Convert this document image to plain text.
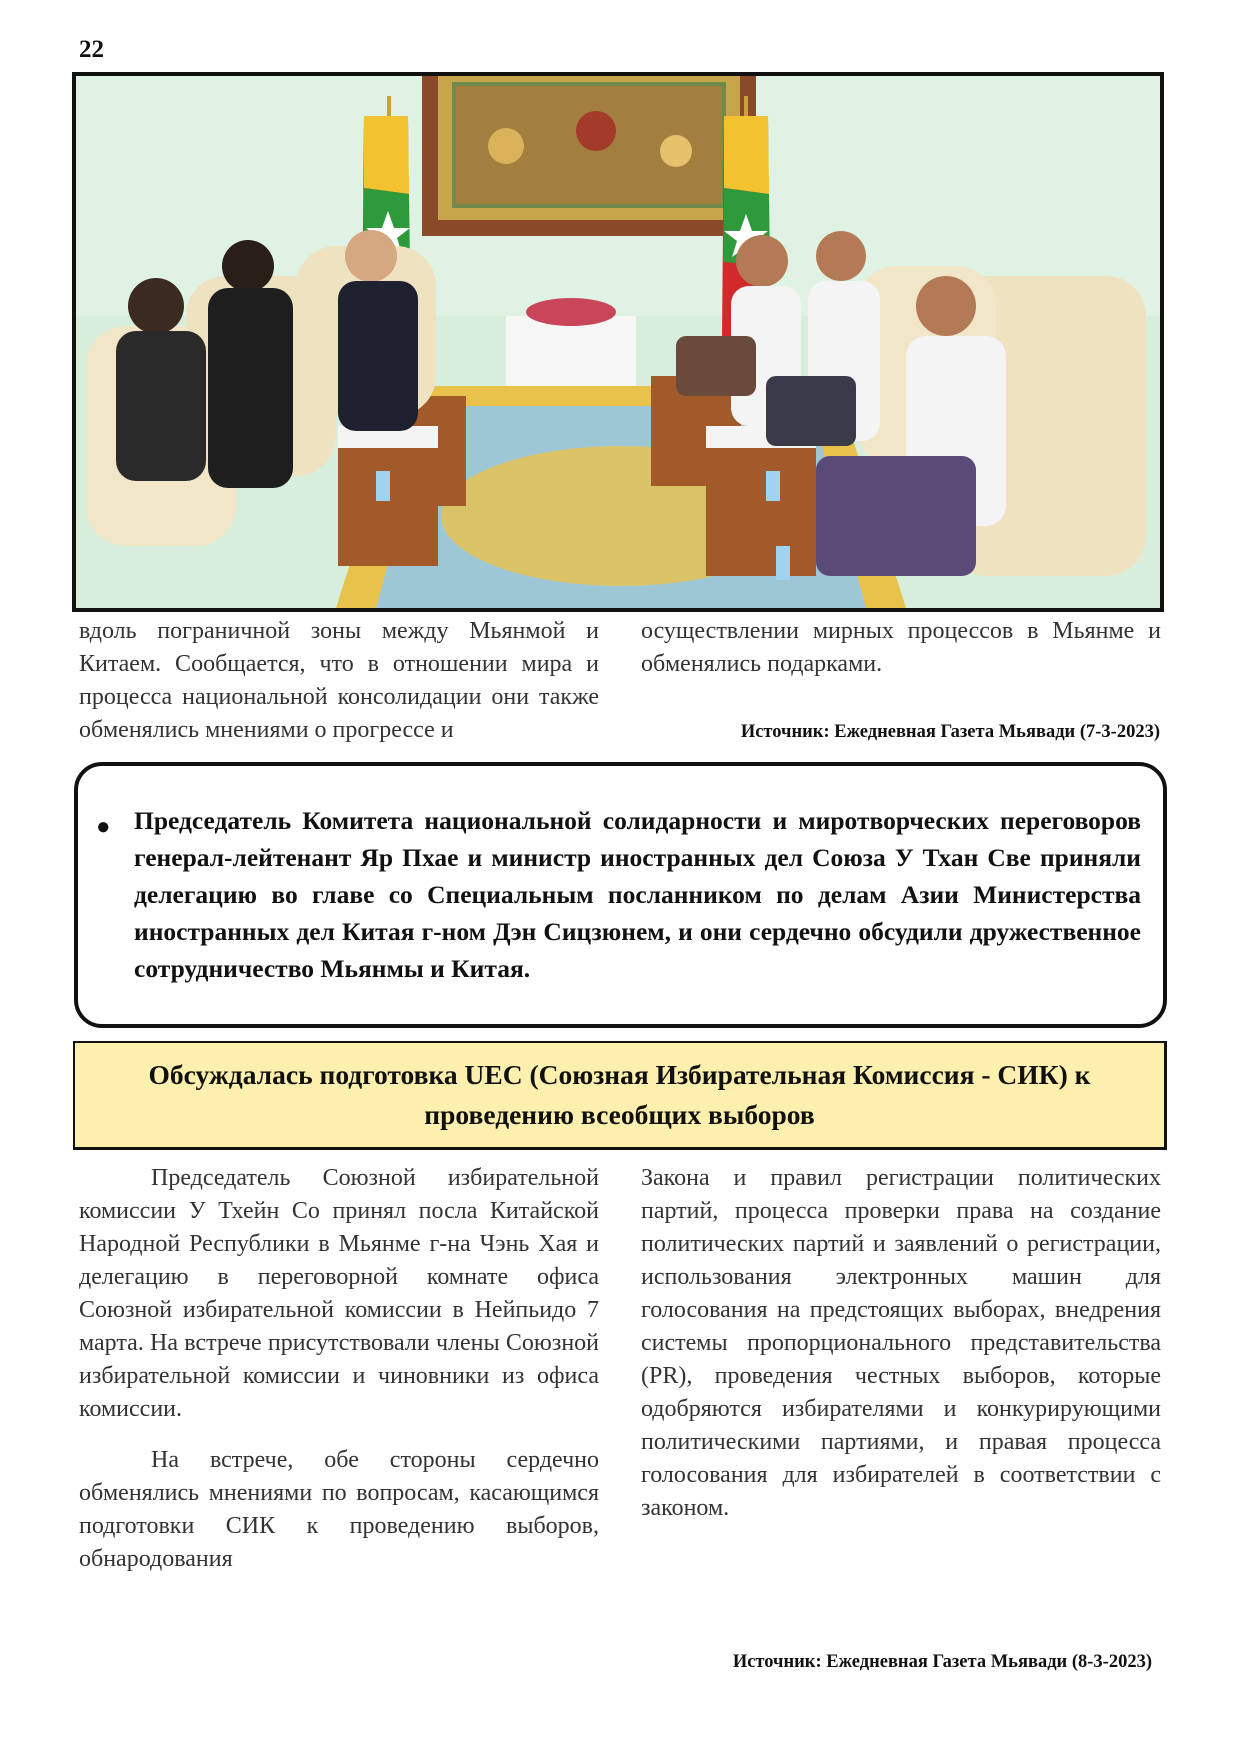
22

вдоль пограничной зоны между Мьянмой и Китаем. Сообщается, что в отношении мира и процесса национальной консолидации они также обменялись мнениями о прогрессе и

осуществлении мирных процессов в Мьянме и обменялись подарками.

Источник: Ежедневная Газета Мьявади (7-3-2023)
● Председатель Комитета национальной солидарности и миротворческих переговоров генерал-лейтенант Яр Пхае и министр иностранных дел Союза У Тхан Све приняли делегацию во главе со Специальным посланником по делам Азии Министерства иностранных дел Китая г-ном Дэн Сицзюнем, и они сердечно обсудили дружественное сотрудничество Мьянмы и Китая.
Обсуждалась подготовка UEC (Союзная Избирательная Комиссия - СИК) к проведению всеобщих выборов

Председатель Союзной избирательной комиссии У Тхейн Со принял посла Китайской Народной Республики в Мьянме г-на Чэнь Хая и делегацию в переговорной комнате офиса Союзной избирательной комиссии в Нейпьидо 7 марта. На встрече присутствовали члены Союзной избирательной комиссии и чиновники из офиса комиссии.

На встрече, обе стороны сердечно обменялись мнениями по вопросам, касающимся подготовки СИК к проведению выборов, обнародования

Закона и правил регистрации политических партий, процесса проверки права на создание политических партий и заявлений о регистрации, использования электронных машин для голосования на предстоящих выборах, внедрения системы пропорционального представительства (PR), проведения честных выборов, которые одобряются избирателями и конкурирующими политическими партиями, и правая процесса голосования для избирателей в соответствии с законом.

Источник: Ежедневная Газета Мьявади (8-3-2023)
